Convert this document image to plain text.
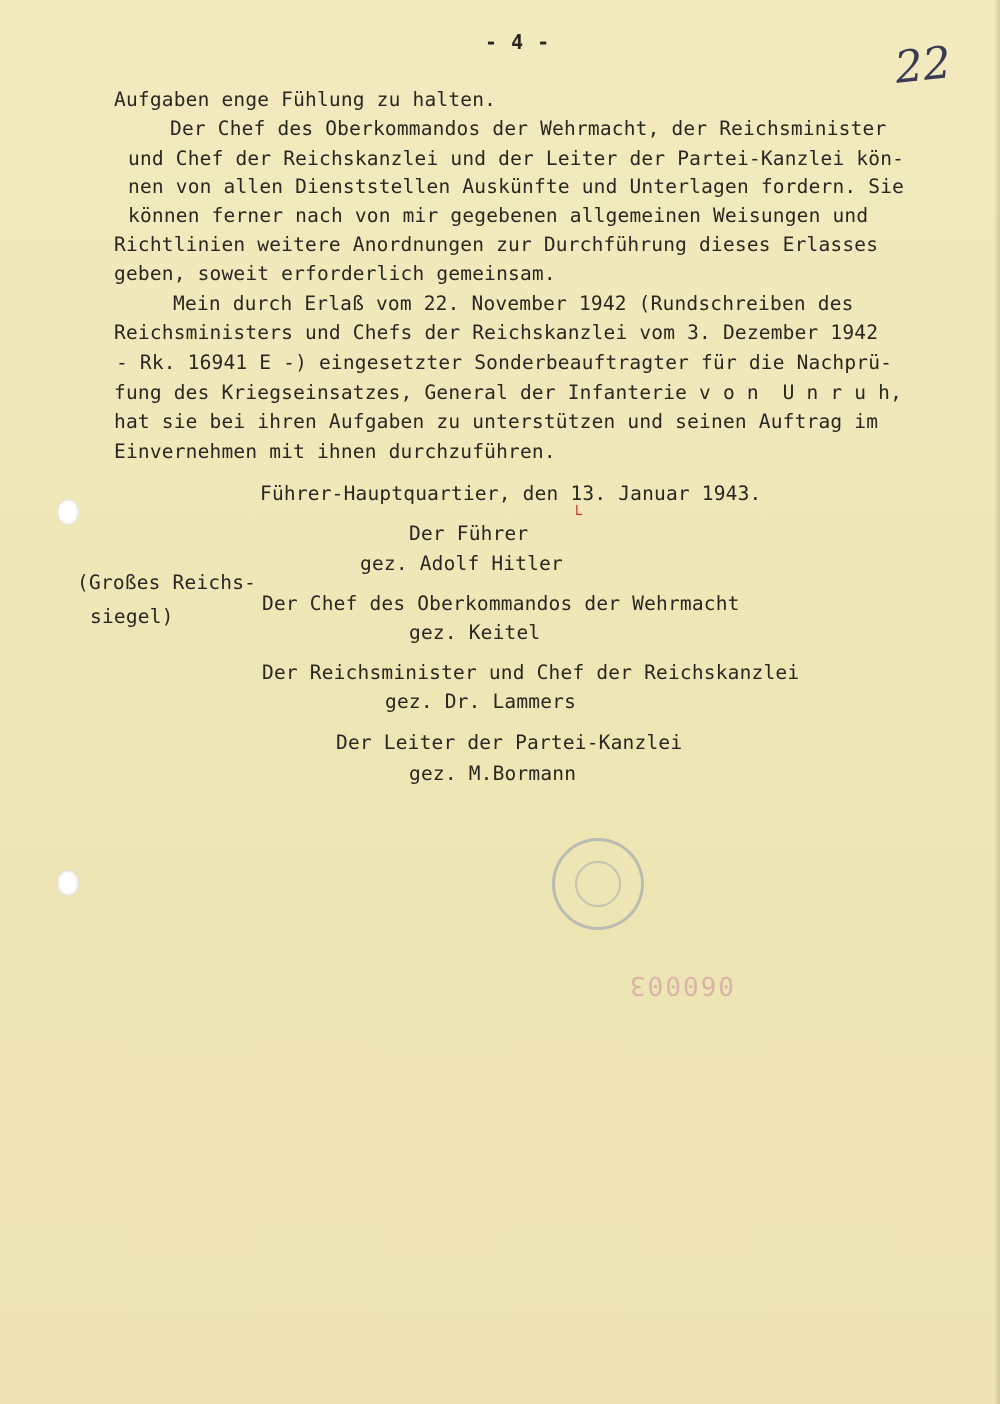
- 4 -	22
Aufgaben enge Fühlung zu halten.
Der Chef des Oberkommandos der Wehrmacht, der Reichsminister
und Chef der Reichskanzlei und der Leiter der Partei-Kanzlei kön-
nen von allen Dienststellen Auskünfte und Unterlagen fordern. Sie
können ferner nach von mir gegebenen allgemeinen Weisungen und
Richtlinien weitere Anordnungen zur Durchführung dieses Erlasses
geben, soweit erforderlich gemeinsam.
Mein durch Erlaß vom 22. November 1942 (Rundschreiben des
Reichsministers und Chefs der Reichskanzlei vom 3. Dezember 1942
- Rk. 16941 E -) eingesetzter Sonderbeauftragter für die Nachprü-
fung des Kriegseinsatzes, General der Infanterie v o n  U n r u h,
hat sie bei ihren Aufgaben zu unterstützen und seinen Auftrag im
Einvernehmen mit ihnen durchzuführen.
Führer-Hauptquartier, den 13. Januar 1943.
└
Der Führer
gez. Adolf Hitler
(Großes Reichs-
siegel)
Der Chef des Oberkommandos der Wehrmacht
gez. Keitel
Der Reichsminister und Chef der Reichskanzlei
gez. Dr. Lammers
Der Leiter der Partei-Kanzlei
gez. M.Bormann
060003
